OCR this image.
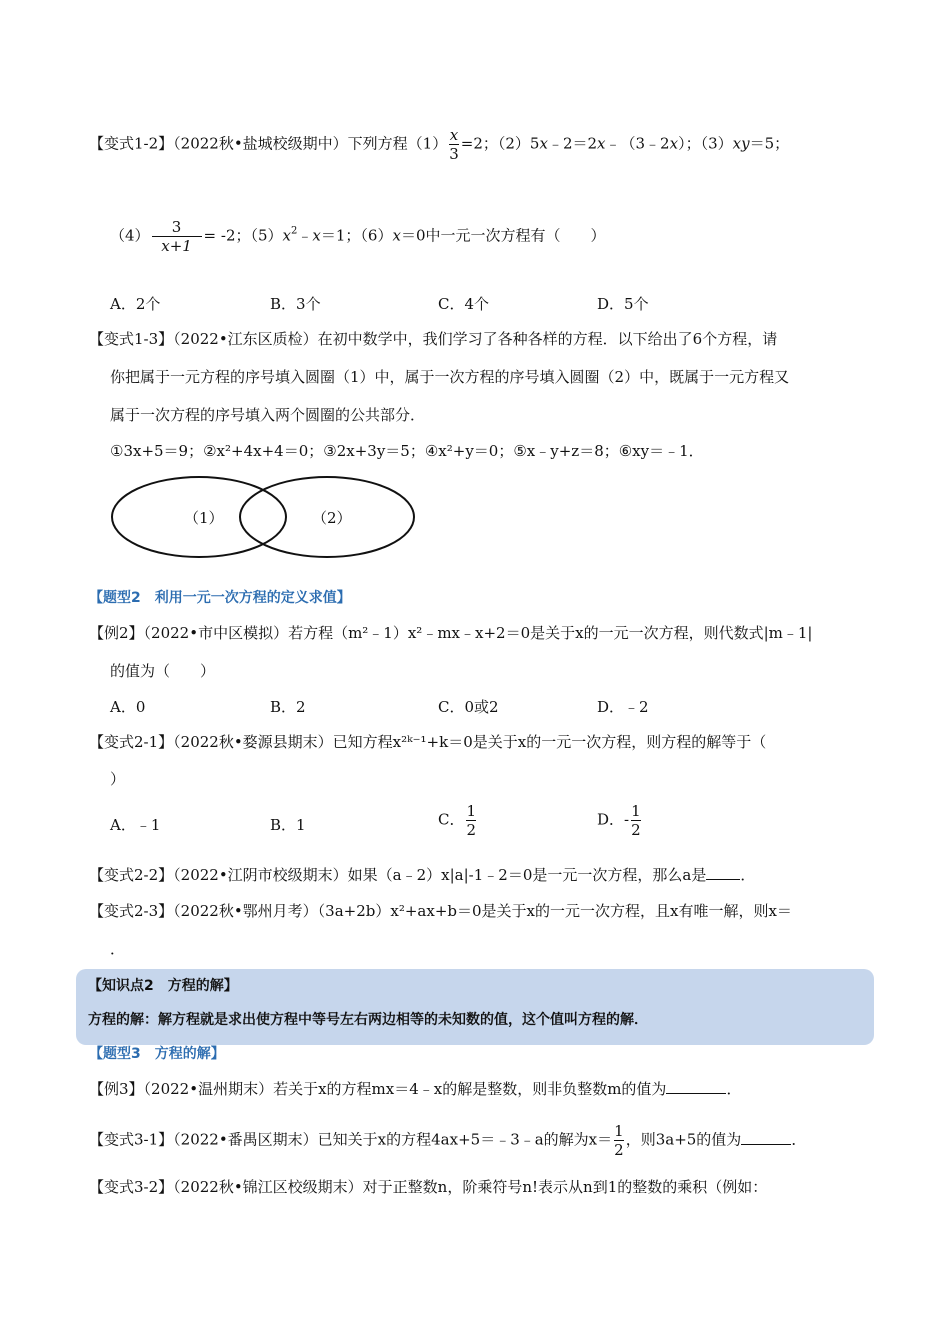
【变式1-2】（2022秋•盐城校级期中）下列方程$(1) \frac{x}{3} =2$；（2）5x﹣2＝2x﹣（3﹣2x）；（3）xy＝5；
$(4) \frac{3}{x+1} = -2$；$(5)x^2﹣x=1$；（6）x＝0中一元一次方程有（　　）
A．2个	B．3个	C．4个	D．5个
【变式1-3】（2022•江东区质检）在初中数学中，我们学习了各种各样的方程．以下给出了6个方程，请
你把属于一元方程的序号填入圆圈（1）中，属于一次方程的序号填入圆圈（2）中，既属于一元方程又
属于一次方程的序号填入两个圆圈的公共部分．
①3x+5＝9；②x²+4x+4＝0；③2x+3y＝5；④x²+y＝0；⑤x﹣y+z＝8；⑥xy＝﹣1．
（1）	（2）
【题型2　利用一元一次方程的定义求值】
【例2】（2022•市中区模拟）若方程（m²﹣1）x²﹣mx﹣x+2＝0是关于x的一元一次方程，则代数式|m﹣1|
的值为（　　）
A．0	B．2	C．0或2	D．﹣2
【变式2-1】（2022秋•婺源县期末）已知方程x²ᵏ⁻¹+k＝0是关于x的一元一次方程，则方程的解等于（
）
A．﹣1	B．1	C． $\frac{1}{2}$	D．- $\frac{1}{2}$
【变式2-2】（2022•江阴市校级期末）如果（a﹣2）x|a|-1﹣2＝0是一元一次方程，那么a是 ．
【变式2-3】（2022秋•鄂州月考）（3a+2b）x²+ax+b＝0是关于x的一元一次方程，且x有唯一解，则x＝
．
【知识点2　方程的解】
方程的解：解方程就是求出使方程中等号左右两边相等的未知数的值，这个值叫方程的解．
【题型3　方程的解】
【例3】（2022•温州期末）若关于x的方程mx＝4﹣x的解是整数，则非负整数m的值为	．
【变式3-1】（2022•番禺区期末）已知关于x的方程4ax+5＝﹣3﹣a的解为$x= \frac{1}{2}$ ，则3a+5的值为	．
【变式3-2】（2022秋•锦江区校级期末）对于正整数n，阶乘符号n!表示从n到1的整数的乘积（例如：
